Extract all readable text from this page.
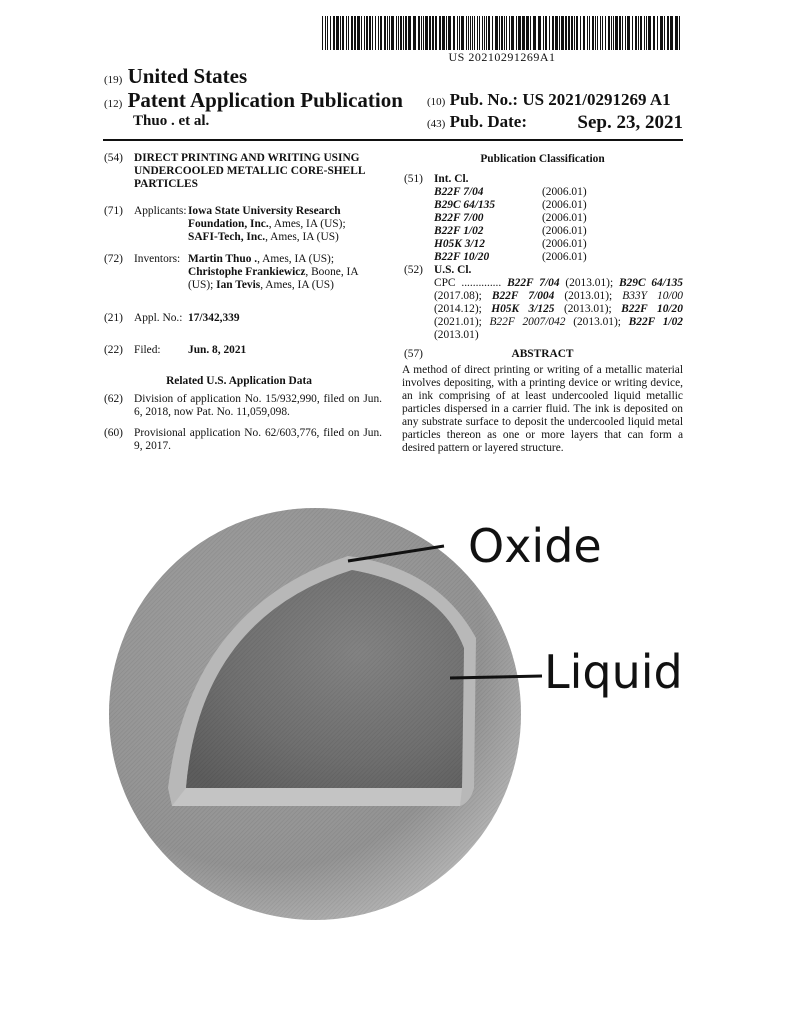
US 20210291269A1
(19) United States
(12) Patent Application Publication
Thuo . et al.
(10) Pub. No.: US 2021/0291269 A1
(43) Pub. Date:	Sep. 23, 2021
(54) DIRECT PRINTING AND WRITING USING UNDERCOOLED METALLIC CORE-SHELL PARTICLES
(71) Applicants: Iowa State University Research
Foundation, Inc., Ames, IA (US);
SAFI-Tech, Inc., Ames, IA (US)
(72) Inventors: Martin Thuo ., Ames, IA (US);
Christophe Frankiewicz, Boone, IA
(US); Ian Tevis, Ames, IA (US)
(21) Appl. No.: 17/342,339
(22) Filed: Jun. 8, 2021
Related U.S. Application Data
(62) Division of application No. 15/932,990, filed on Jun. 6, 2018, now Pat. No. 11,059,098.
(60) Provisional application No. 62/603,776, filed on Jun. 9, 2017.
Publication Classification
(51) Int. Cl.
B22F 7/04	(2006.01)
B29C 64/135	(2006.01)
B22F 7/00	(2006.01)
B22F 1/02	(2006.01)
H05K 3/12	(2006.01)
B22F 10/20	(2006.01)
(52) U.S. Cl.
CPC .............. B22F 7/04 (2013.01); B29C 64/135 (2017.08); B22F 7/004 (2013.01); B33Y 10/00 (2014.12); H05K 3/125 (2013.01); B22F 10/20 (2021.01); B22F 2007/042 (2013.01); B22F 1/02 (2013.01)
(57)	ABSTRACT
A method of direct printing or writing of a metallic material involves depositing, with a printing device or writing device, an ink comprising of at least undercooled liquid metallic particles dispersed in a carrier fluid. The ink is deposited on any substrate surface to deposit the undercooled liquid metal particles thereon as one or more layers that can form a desired pattern or layered structure.
Oxide
Liquid
